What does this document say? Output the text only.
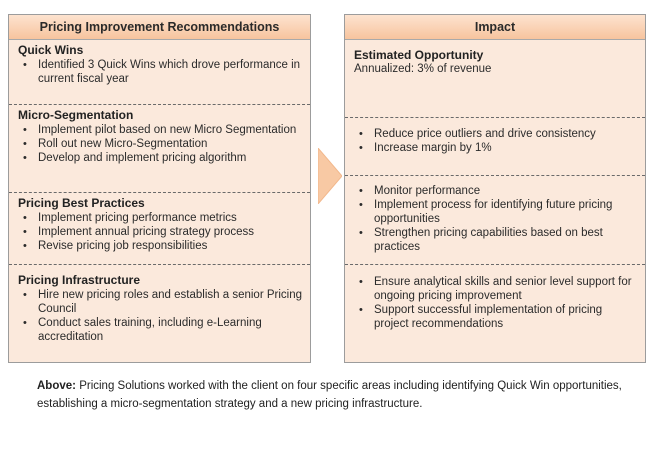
Pricing Improvement Recommendations
Quick Wins
• Identified 3 Quick Wins which drove performance in current fiscal year
Micro-Segmentation
• Implement pilot based on new Micro Segmentation
• Roll out new Micro-Segmentation
• Develop and implement pricing algorithm
Pricing Best Practices
• Implement pricing performance metrics
• Implement annual pricing strategy process
• Revise pricing job responsibilities
Pricing Infrastructure
• Hire new pricing roles and establish a senior Pricing Council
• Conduct sales training, including e-Learning accreditation
Impact
Estimated Opportunity
Annualized: 3% of revenue
• Reduce price outliers and drive consistency
• Increase margin by 1%
• Monitor performance
• Implement process for identifying future pricing opportunities
• Strengthen pricing capabilities based on best practices
• Ensure analytical skills and senior level support for ongoing pricing improvement
• Support successful implementation of pricing project recommendations
Above: Pricing Solutions worked with the client on four specific areas including identifying Quick Win opportunities, establishing a micro-segmentation strategy and a new pricing infrastructure.
